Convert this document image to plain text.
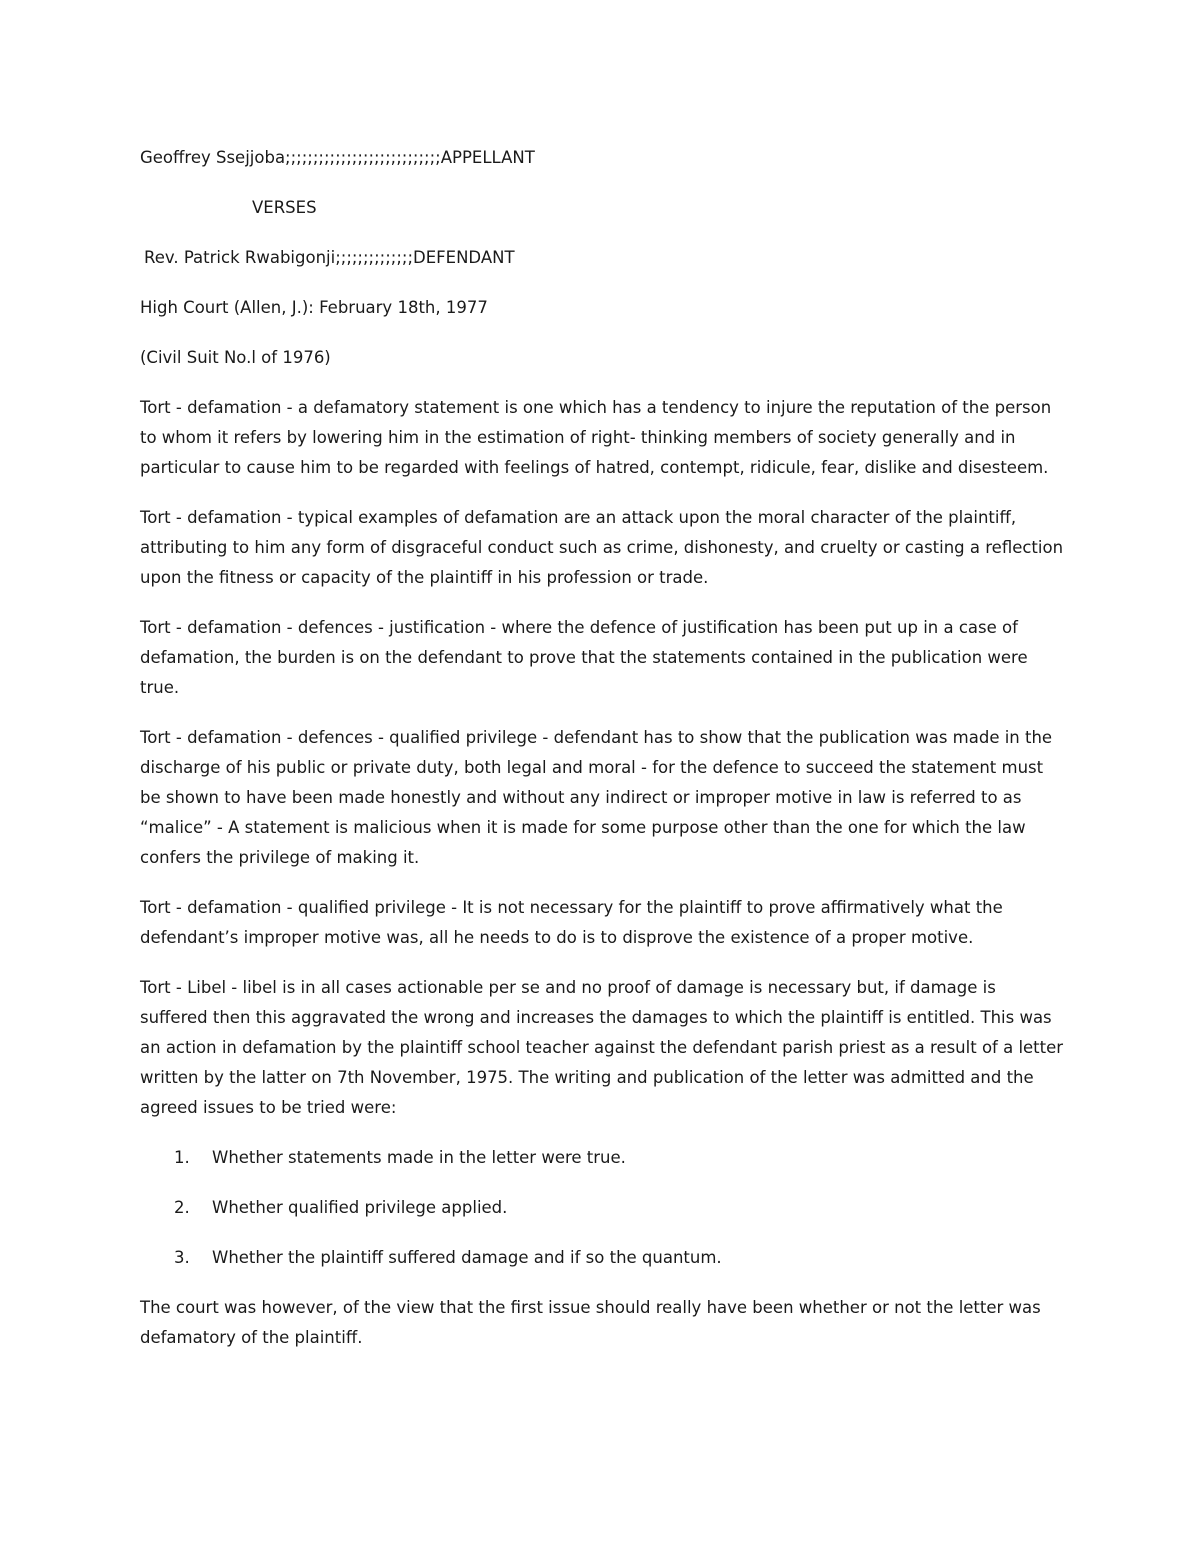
Geoffrey Ssejjoba;;;;;;;;;;;;;;;;;;;;;;;;;;;;APPELLANT
VERSES
Rev. Patrick Rwabigonji;;;;;;;;;;;;;;DEFENDANT
High Court (Allen, J.): February 18th, 1977
(Civil Suit No.l of 1976)

Tort - defamation - a defamatory statement is one which has a tendency to injure the reputation of the person to whom it refers by lowering him in the estimation of right- thinking members of society generally and in particular to cause him to be regarded with feelings of hatred, contempt, ridicule, fear, dislike and disesteem.

Tort - defamation - typical examples of defamation are an attack upon the moral character of the plaintiff, attributing to him any form of disgraceful conduct such as crime, dishonesty, and cruelty or casting a reflection upon the fitness or capacity of the plaintiff in his profession or trade.

Tort - defamation - defences - justification - where the defence of justification has been put up in a case of defamation, the burden is on the defendant to prove that the statements contained in the publication were true.

Tort - defamation - defences - qualified privilege - defendant has to show that the publication was made in the discharge of his public or private duty, both legal and moral - for the defence to succeed the statement must be shown to have been made honestly and without any indirect or improper motive in law is referred to as “malice” - A statement is malicious when it is made for some purpose other than the one for which the law confers the privilege of making it.

Tort - defamation - qualified privilege - It is not necessary for the plaintiff to prove affirmatively what the defendant’s improper motive was, all he needs to do is to disprove the existence of a proper motive.

Tort - Libel - libel is in all cases actionable per se and no proof of damage is necessary but, if damage is suffered then this aggravated the wrong and increases the damages to which the plaintiff is entitled. This was an action in defamation by the plaintiff school teacher against the defendant parish priest as a result of a letter written by the latter on 7th November, 1975. The writing and publication of the letter was admitted and the agreed issues to be tried were:

1.	Whether statements made in the letter were true.
2.	Whether qualified privilege applied.
3.	Whether the plaintiff suffered damage and if so the quantum.

The court was however, of the view that the first issue should really have been whether or not the letter was defamatory of the plaintiff.
